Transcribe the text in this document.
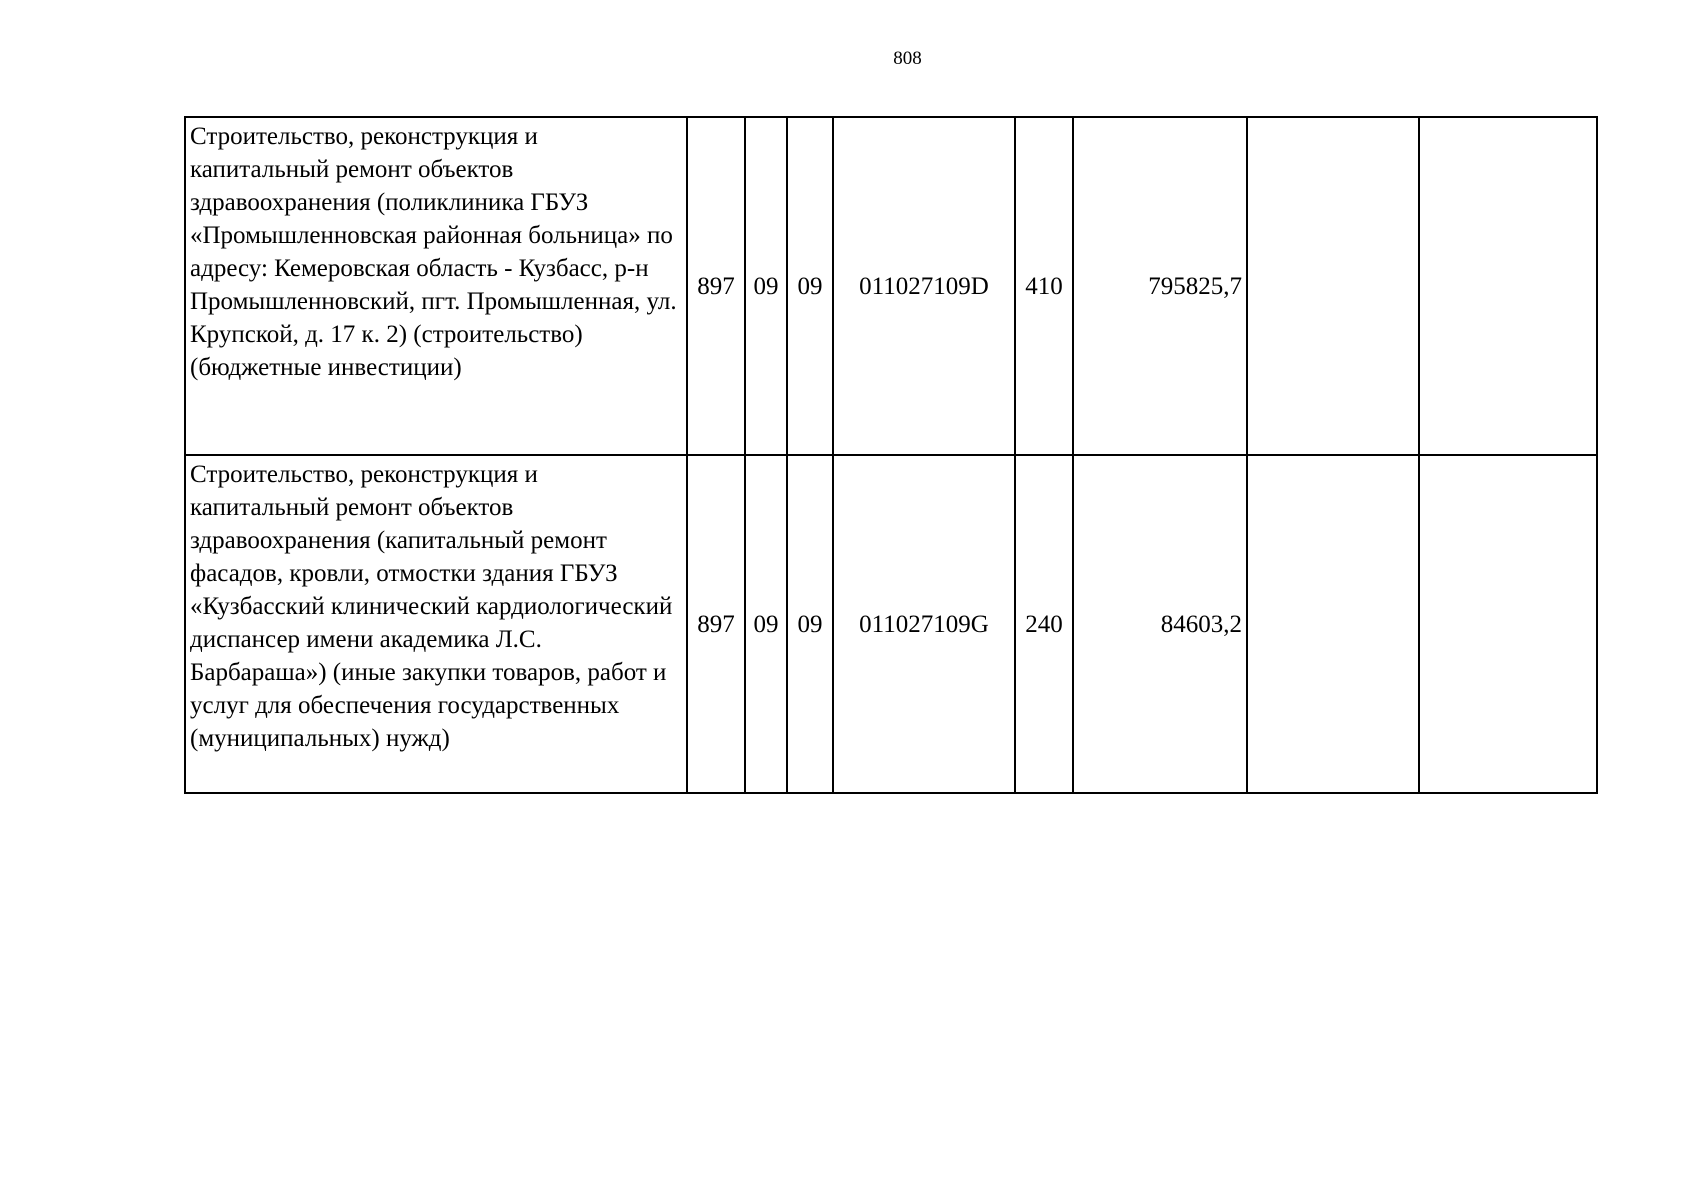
808
Строительство, реконструкция и капитальный ремонт объектов здравоохранения (поликлиника ГБУЗ «Промышленновская районная больница» по адресу: Кемеровская область - Кузбасс, р-н Промышленновский, пгт. Промышленная, ул. Крупской, д. 17 к. 2) (строительство) (бюджетные инвестиции)	897	09	09	011027109D	410	795825,7		
Строительство, реконструкция и капитальный ремонт объектов здравоохранения (капитальный ремонт фасадов, кровли, отмостки здания ГБУЗ «Кузбасский клинический кардиологический диспансер имени академика Л.С. Барбараша») (иные закупки товаров, работ и услуг для обеспечения государственных (муниципальных) нужд)	897	09	09	011027109G	240	84603,2		
